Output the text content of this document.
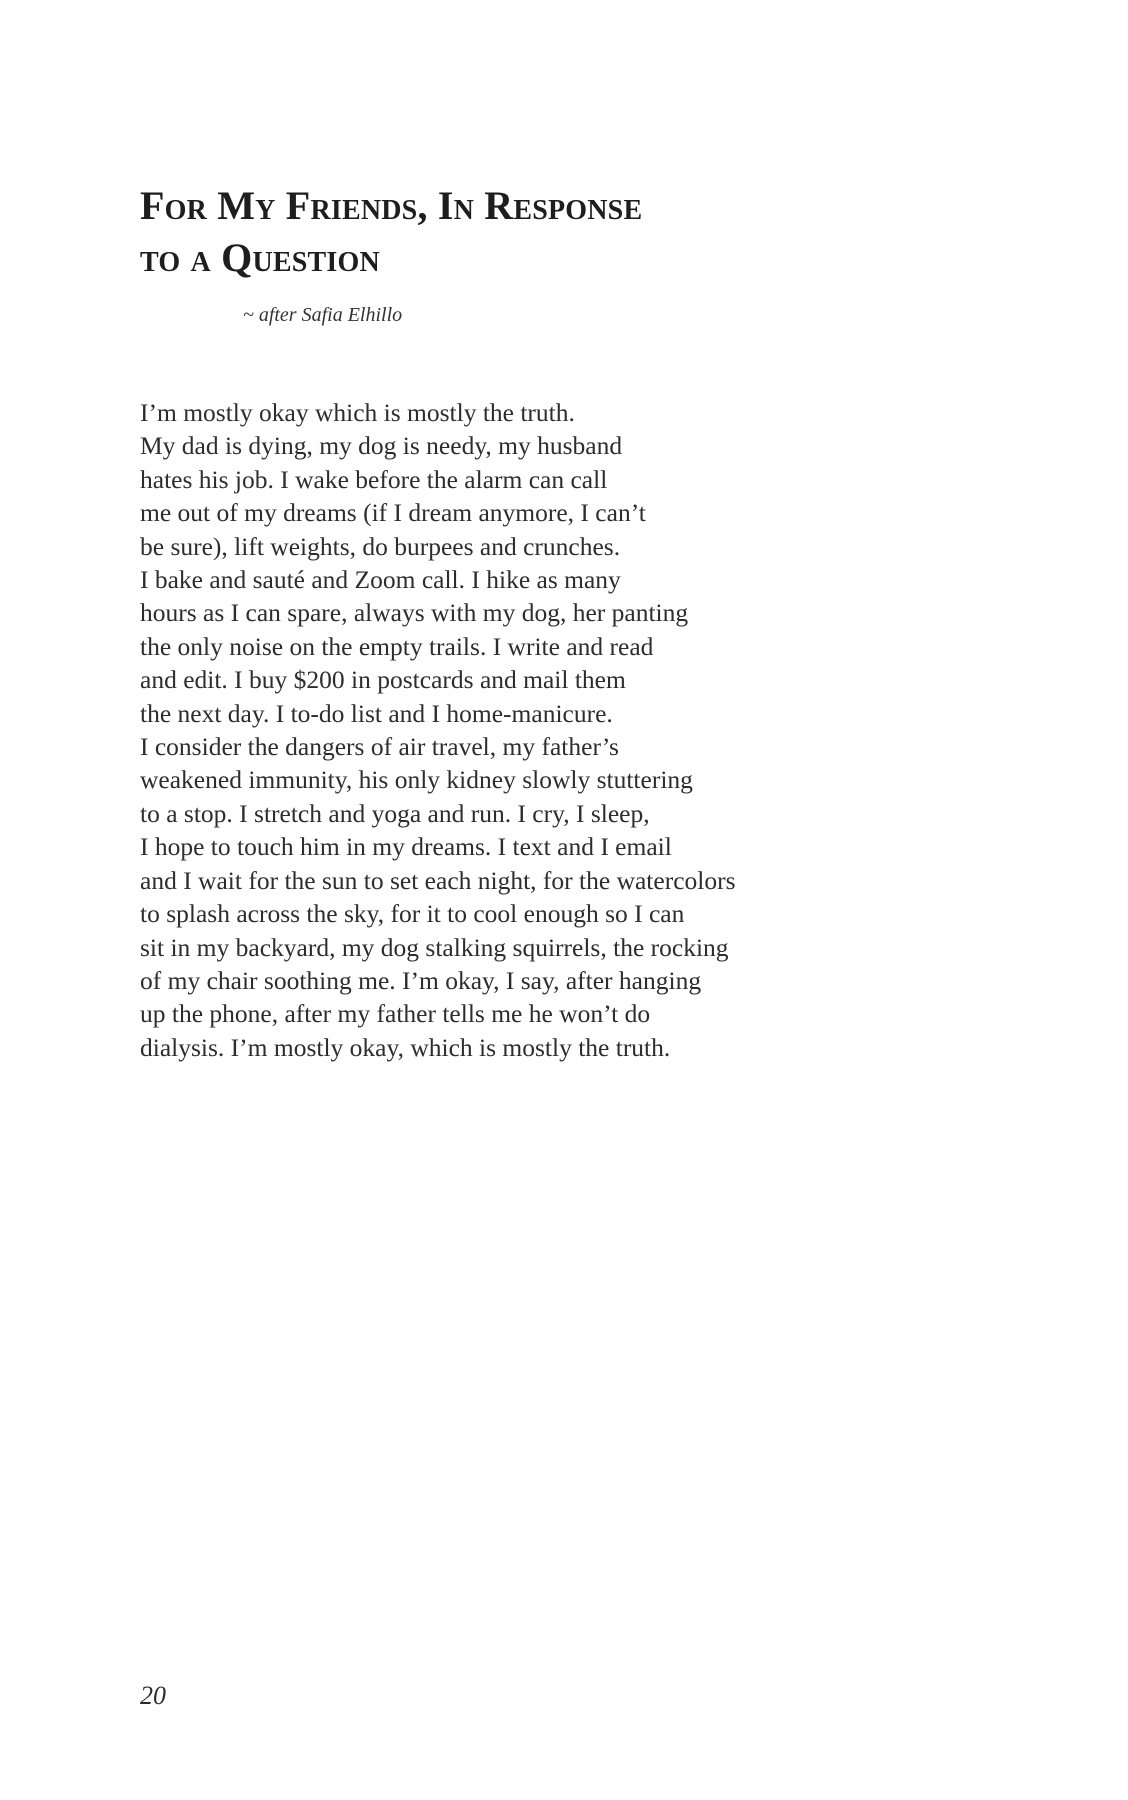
For My Friends, In Response
to a Question
~ after Safia Elhillo
I’m mostly okay which is mostly the truth.
My dad is dying, my dog is needy, my husband
hates his job. I wake before the alarm can call
me out of my dreams (if I dream anymore, I can’t
be sure), lift weights, do burpees and crunches.
I bake and sauté and Zoom call. I hike as many
hours as I can spare, always with my dog, her panting
the only noise on the empty trails. I write and read
and edit. I buy $200 in postcards and mail them
the next day. I to-do list and I home-manicure.
I consider the dangers of air travel, my father’s
weakened immunity, his only kidney slowly stuttering
to a stop. I stretch and yoga and run. I cry, I sleep,
I hope to touch him in my dreams. I text and I email
and I wait for the sun to set each night, for the watercolors
to splash across the sky, for it to cool enough so I can
sit in my backyard, my dog stalking squirrels, the rocking
of my chair soothing me. I’m okay, I say, after hanging
up the phone, after my father tells me he won’t do
dialysis. I’m mostly okay, which is mostly the truth.
20
